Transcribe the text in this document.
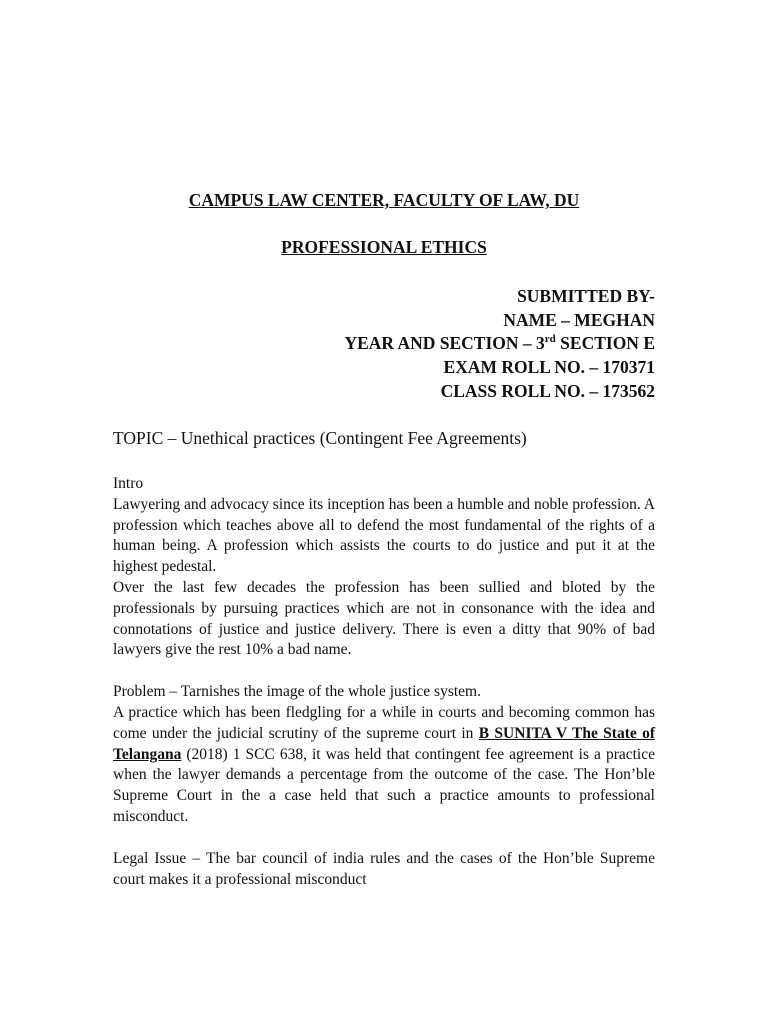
CAMPUS LAW CENTER, FACULTY OF LAW, DU
PROFESSIONAL ETHICS
SUBMITTED BY-
NAME – MEGHAN
YEAR AND SECTION – 3rd SECTION E
EXAM ROLL NO. – 170371
CLASS ROLL NO. – 173562
TOPIC – Unethical practices (Contingent Fee Agreements)

Intro

Lawyering and advocacy since its inception has been a humble and noble profession. A profession which teaches above all to defend the most fundamental of the rights of a human being. A profession which assists the courts to do justice and put it at the highest pedestal.

Over the last few decades the profession has been sullied and bloted by the professionals by pursuing practices which are not in consonance with the idea and connotations of justice and justice delivery. There is even a ditty that 90% of bad lawyers give the rest 10% a bad name.

Problem – Tarnishes the image of the whole justice system.

A practice which has been fledgling for a while in courts and becoming common has come under the judicial scrutiny of the supreme court in B SUNITA V The State of Telangana (2018) 1 SCC 638, it was held that contingent fee agreement is a practice when the lawyer demands a percentage from the outcome of the case. The Hon’ble Supreme Court in the a case held that such a practice amounts to professional misconduct.

Legal Issue – The bar council of india rules and the cases of the Hon’ble Supreme court makes it a professional misconduct
